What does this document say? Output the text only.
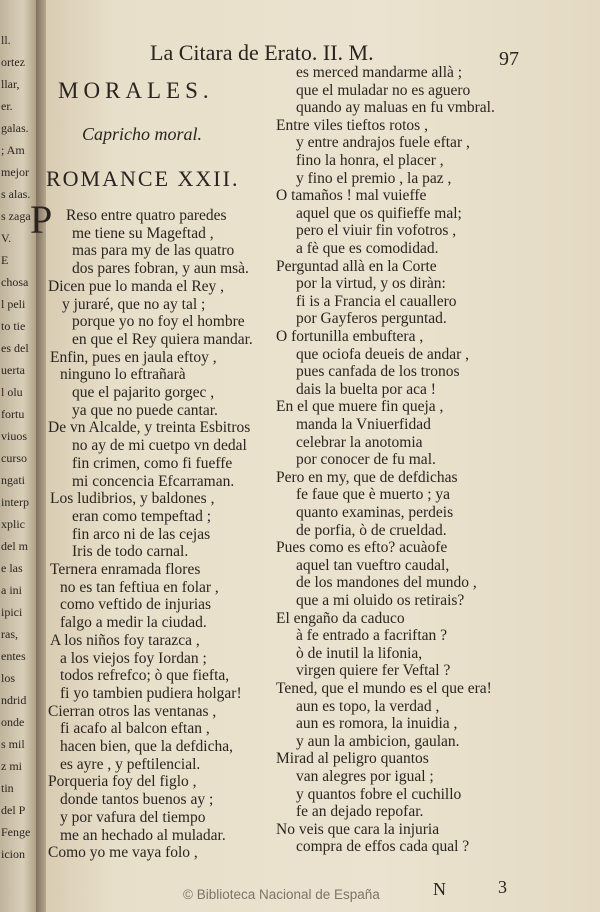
ll.
ortez
llar,
er.
galas.
; Am
mejor
s alas.
s zaga
V.
E
chosa
l peli
to tie
es del
uerta
l olu
fortu
viuos
curso
ngati
interp
xplic
del m
e las
a ini
ipici
ras,
entes
los
ndrid
onde
s mil
z mi
tin
del P
Fenge
icion
La Citara de Erato. II. M.	97
MORALES.
Capricho moral.
ROMANCE XXII.
P Reso entre quatro paredes
me tiene su Mageftad ,
mas para my de las quatro
dos pares fobran, y aun msà.
Dicen pue lo manda el Rey ,
y juraré, que no ay tal ;
porque yo no foy el hombre
en que el Rey quiera mandar.
Enfin, pues en jaula eftoy ,
ninguno lo eftrañarà
que el pajarito gorgec ,
ya que no puede cantar.
De vn Alcalde, y treinta Esbitros
no ay de mi cuetpo vn dedal
fin crimen, como fi fueffe
mi concencia Efcarraman.
Los ludibrios, y baldones ,
eran como tempeftad ;
fin arco ni de las cejas
Iris de todo carnal.
Ternera enramada flores
no es tan feftiua en folar ,
como veftido de injurias
falgo a medir la ciudad.
A los niños foy tarazca ,
a los viejos foy Iordan ;
todos refrefco; ò que fiefta,
fi yo tambien pudiera holgar!
Cierran otros las ventanas ,
fi acafo al balcon eftan ,
hacen bien, que la defdicha,
es ayre , y peftilencial.
Porqueria foy del figlo ,
donde tantos buenos ay ;
y por vafura del tiempo
me an hechado al muladar.
Como yo me vaya folo ,
es merced mandarme allà ;
que el muladar no es aguero
quando ay maluas en fu vmbral.
Entre viles tieftos rotos ,
y entre andrajos fuele eftar ,
fino la honra, el placer ,
y fino el premio , la paz ,
O tamaños ! mal vuieffe
aquel que os quifieffe mal;
pero el viuir fin vofotros ,
a fè que es comodidad.
Perguntad allà en la Corte
por la virtud, y os diràn:
fi is a Francia el cauallero
por Gayferos perguntad.
O fortunilla embuftera ,
que ociofa deueis de andar ,
pues canfada de los tronos
dais la buelta por aca !
En el que muere fin queja ,
manda la Vniuerfidad
celebrar la anotomia
por conocer de fu mal.
Pero en my, que de defdichas
fe faue que è muerto ; ya
quanto examinas, perdeis
de porfia, ò de crueldad.
Pues como es efto? acuàofe
aquel tan vueftro caudal,
de los mandones del mundo ,
que a mi oluido os retirais?
El engaño da caduco
à fe entrado a facriftan ?
ò de inutil la lifonia,
virgen quiere fer Veftal ?
Tened, que el mundo es el que era!
aun es topo, la verdad ,
aun es romora, la inuidia ,
y aun la ambicion, gaulan.
Mirad al peligro quantos
van alegres por igual ;
y quantos fobre el cuchillo
fe an dejado repofar.
No veis que cara la injuria
compra de effos cada qual ?
N	3
© Biblioteca Nacional de España
